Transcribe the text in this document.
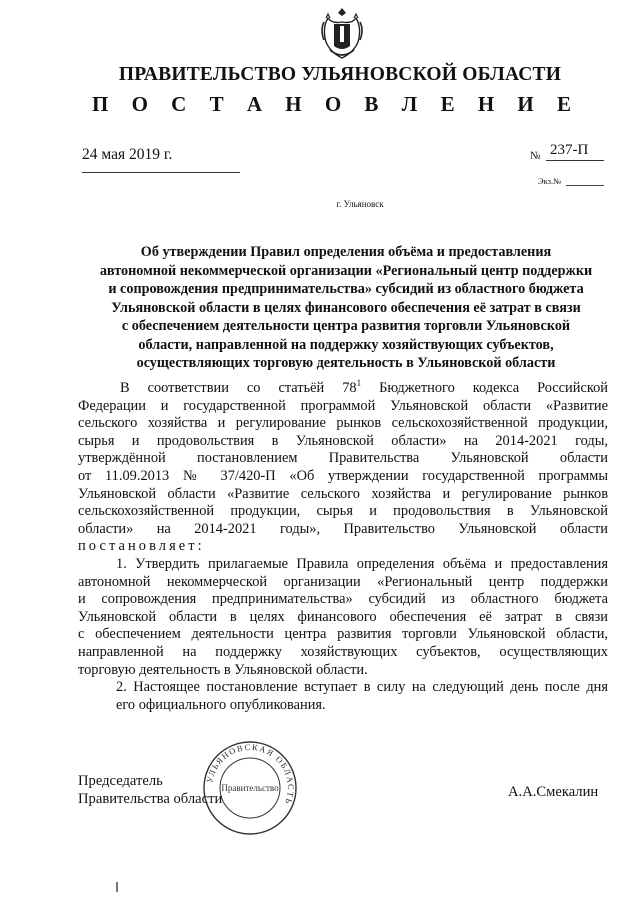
ПРАВИТЕЛЬСТВО УЛЬЯНОВСКОЙ ОБЛАСТИ
П О С Т А Н О В Л Е Н И Е
24 мая 2019 г.	№ 237-П
Экз.№
г. Ульяновск
Об утверждении Правил определения объёма и предоставления
автономной некоммерческой организации «Региональный центр поддержки
и сопровождения предпринимательства» субсидий из областного бюджета
Ульяновской области в целях финансового обеспечения её затрат в связи
с обеспечением деятельности центра развития торговли Ульяновской
области, направленной на поддержку хозяйствующих субъектов,
осуществляющих торговую деятельность в Ульяновской области
В соответствии со статьёй $78^1$ Бюджетного кодекса Российской
Федерации и государственной программой Ульяновской области «Развитие
сельского хозяйства и регулирование рынков сельскохозяйственной продукции,
сырья и продовольствия в Ульяновской области» на 2014-2021 годы,
утверждённой постановлением Правительства Ульяновской области
от 11.09.2013 № 37/420-П «Об утверждении государственной программы
Ульяновской области «Развитие сельского хозяйства и регулирование рынков
сельскохозяйственной продукции, сырья и продовольствия в Ульяновской
области» на 2014-2021 годы», Правительство Ульяновской области
постановляет:
1. Утвердить прилагаемые Правила определения объёма и предоставления
автономной некоммерческой организации «Региональный центр поддержки
и сопровождения предпринимательства» субсидий из областного бюджета
Ульяновской области в целях финансового обеспечения её затрат в связи
с обеспечением деятельности центра развития торговли Ульяновской области,
направленной на поддержку хозяйствующих субъектов, осуществляющих
торговую деятельность в Ульяновской области.
2. Настоящее постановление вступает в силу на следующий день после дня
его официального опубликования.
УЛЬЯНОВСКАЯ ОБЛАСТЬ
Правительство
Председатель
Правительства области	А.А.Смекалин
